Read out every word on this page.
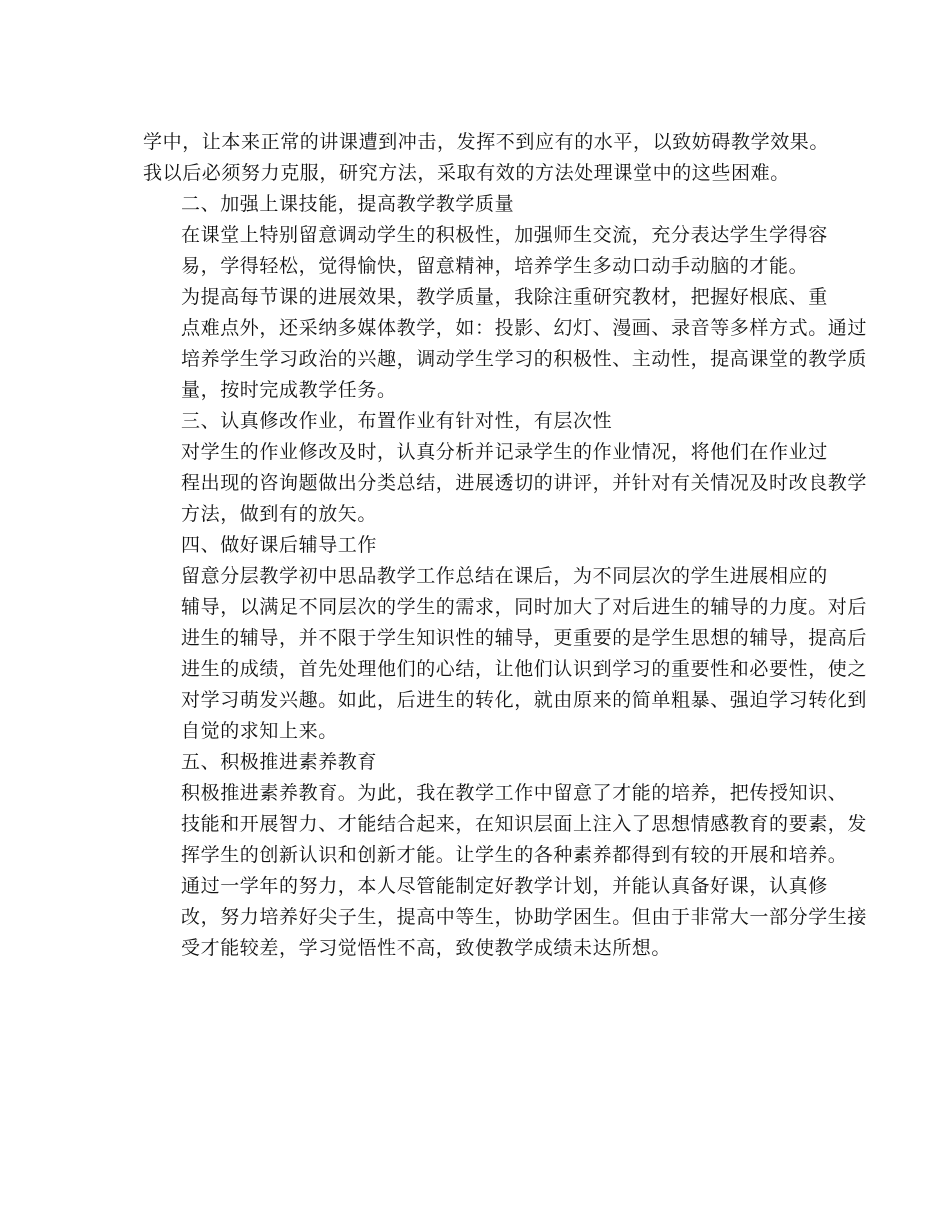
学中，让本来正常的讲课遭到冲击，发挥不到应有的水平，以致妨碍教学效果。
我以后必须努力克服，研究方法，采取有效的方法处理课堂中的这些困难。

二、加强上课技能，提高教学教学质量

在课堂上特别留意调动学生的积极性，加强师生交流，充分表达学生学得容
易，学得轻松，觉得愉快，留意精神，培养学生多动口动手动脑的才能。

为提高每节课的进展效果，教学质量，我除注重研究教材，把握好根底、重
点难点外，还采纳多媒体教学，如：投影、幻灯、漫画、录音等多样方式。通过
培养学生学习政治的兴趣，调动学生学习的积极性、主动性，提高课堂的教学质
量，按时完成教学任务。

三、认真修改作业，布置作业有针对性，有层次性

对学生的作业修改及时，认真分析并记录学生的作业情况，将他们在作业过
程出现的咨询题做出分类总结，进展透切的讲评，并针对有关情况及时改良教学
方法，做到有的放矢。

四、做好课后辅导工作

留意分层教学初中思品教学工作总结在课后，为不同层次的学生进展相应的
辅导，以满足不同层次的学生的需求，同时加大了对后进生的辅导的力度。对后
进生的辅导，并不限于学生知识性的辅导，更重要的是学生思想的辅导，提高后
进生的成绩，首先处理他们的心结，让他们认识到学习的重要性和必要性，使之
对学习萌发兴趣。如此，后进生的转化，就由原来的简单粗暴、强迫学习转化到
自觉的求知上来。

五、积极推进素养教育

积极推进素养教育。为此，我在教学工作中留意了才能的培养，把传授知识、
技能和开展智力、才能结合起来，在知识层面上注入了思想情感教育的要素，发
挥学生的创新认识和创新才能。让学生的各种素养都得到有较的开展和培养。

通过一学年的努力，本人尽管能制定好教学计划，并能认真备好课，认真修
改，努力培养好尖子生，提高中等生，协助学困生。但由于非常大一部分学生接
受才能较差，学习觉悟性不高，致使教学成绩未达所想。
